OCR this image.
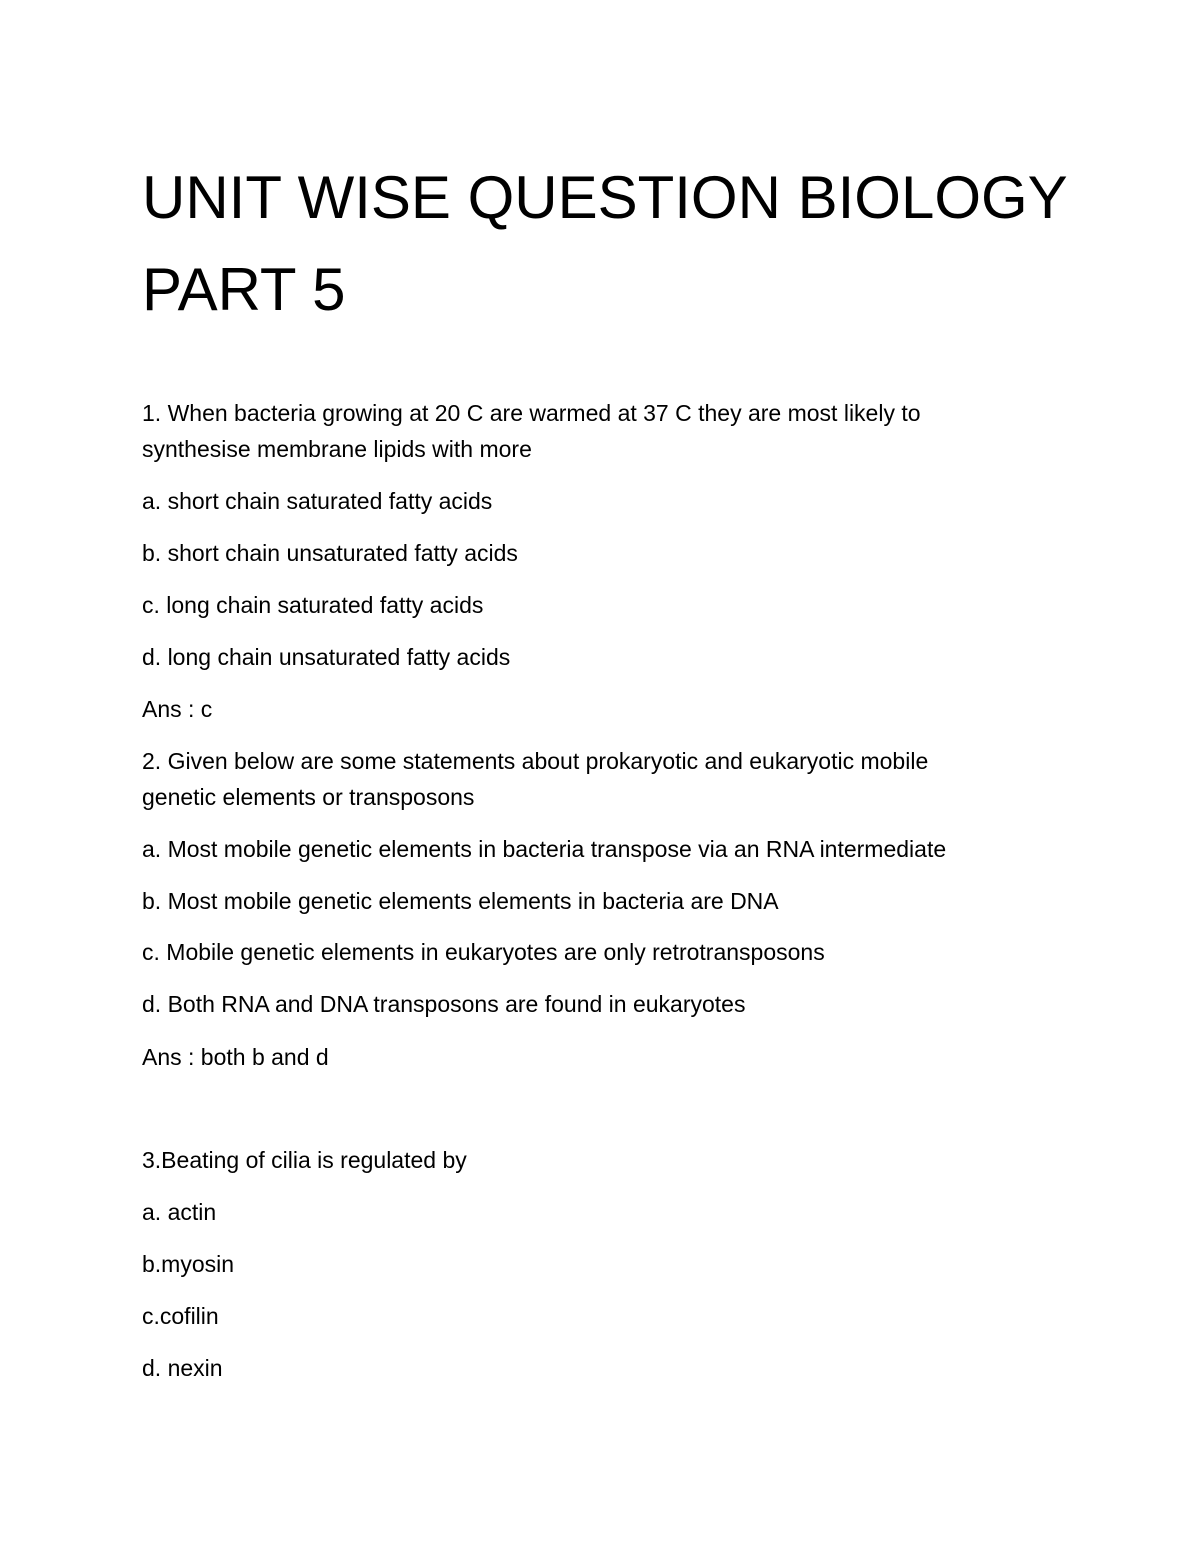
UNIT WISE QUESTION BIOLOGY PART 5

1. When bacteria growing at 20 C are warmed at 37 C they are most likely to

synthesise membrane lipids with more

a. short chain saturated fatty acids

b. short chain unsaturated fatty acids

c. long chain saturated fatty acids

d. long chain unsaturated fatty acids

Ans : c

2. Given below are some statements about prokaryotic and eukaryotic mobile

genetic elements or transposons

a. Most mobile genetic elements in bacteria transpose via an RNA intermediate

b. Most mobile genetic elements elements in bacteria are DNA

c. Mobile genetic elements in eukaryotes are only retrotransposons

d. Both RNA and DNA transposons are found in eukaryotes

Ans : both b and d

3.Beating of cilia is regulated by

a. actin

b.myosin

c.cofilin

d. nexin
